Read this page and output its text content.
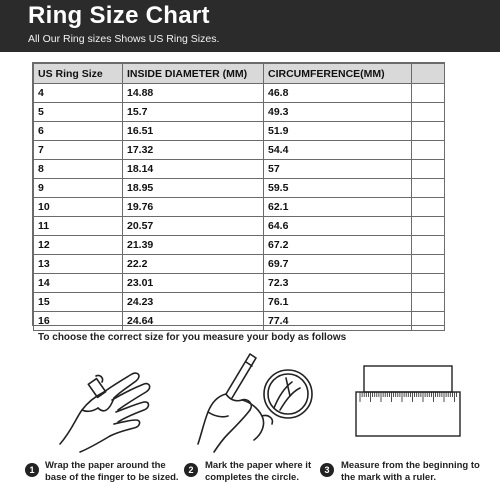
Ring Size Chart
All Our Ring sizes Shows US Ring Sizes.
US Ring Size	INSIDE DIAMETER (MM)	CIRCUMFERENCE(MM)	
4	14.88	46.8	
5	15.7	49.3	
6	16.51	51.9	
7	17.32	54.4	
8	18.14	57	
9	18.95	59.5	
10	19.76	62.1	
11	20.57	64.6	
12	21.39	67.2	
13	22.2	69.7	
14	23.01	72.3	
15	24.23	76.1	
16	24.64	77.4	
To choose the correct size for you measure your body as follows
1	Wrap the paper around the
base of the finger to be sized.
2	Mark the paper where it
completes the circle.
3	Measure from the beginning to
the mark with a ruler.
